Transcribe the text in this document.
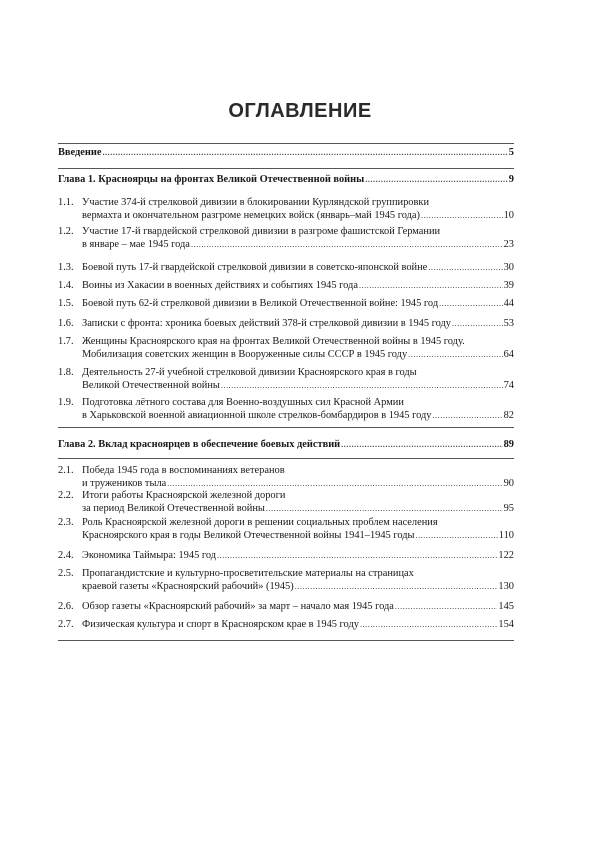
ОГЛАВЛЕНИЕ
Введение .....	5
Глава 1. Красноярцы на фронтах Великой Отечественной войны .....	9
1.1. Участие 374-й стрелковой дивизии в блокировании Курляндской группировки
вермахта и окончательном разгроме немецких войск (январь–май 1945 года) .....	10
1.2. Участие 17-й гвардейской стрелковой дивизии в разгроме фашистской Германии
в январе – мае 1945 года .....	23
1.3. Боевой путь 17-й гвардейской стрелковой дивизии в советско-японской войне .....	30
1.4. Воины из Хакасии в военных действиях и событиях 1945 года .....	39
1.5. Боевой путь 62-й стрелковой дивизии в Великой Отечественной войне: 1945 год .....	44
1.6. Записки с фронта: хроника боевых действий 378-й стрелковой дивизии в 1945 году .....	53
1.7. Женщины Красноярского края на фронтах Великой Отечественной войны в 1945 году.
Мобилизация советских женщин в Вооруженные силы СССР в 1945 году .....	64
1.8. Деятельность 27-й учебной стрелковой дивизии Красноярского края в годы
Великой Отечественной войны .....	74
1.9. Подготовка лётного состава для Военно-воздушных сил Красной Армии
в Харьковской военной авиационной школе стрелков-бомбардиров в 1945 году .....	82
Глава 2. Вклад красноярцев в обеспечение боевых действий .....	89
2.1. Победа 1945 года в воспоминаниях ветеранов
и тружеников тыла .....	90
2.2. Итоги работы Красноярской железной дороги
за период Великой Отечественной войны .....	95
2.3. Роль Красноярской железной дороги в решении социальных проблем населения
Красноярского края в годы Великой Отечественной войны 1941–1945 годы .....	110
2.4. Экономика Таймыра: 1945 год .....	122
2.5. Пропагандистские и культурно-просветительские материалы на страницах
краевой газеты «Красноярский рабочий» (1945) .....	130
2.6. Обзор газеты «Красноярский рабочий» за март – начало мая 1945 года .....	145
2.7. Физическая культура и спорт в Красноярском крае в 1945 году .....	154
